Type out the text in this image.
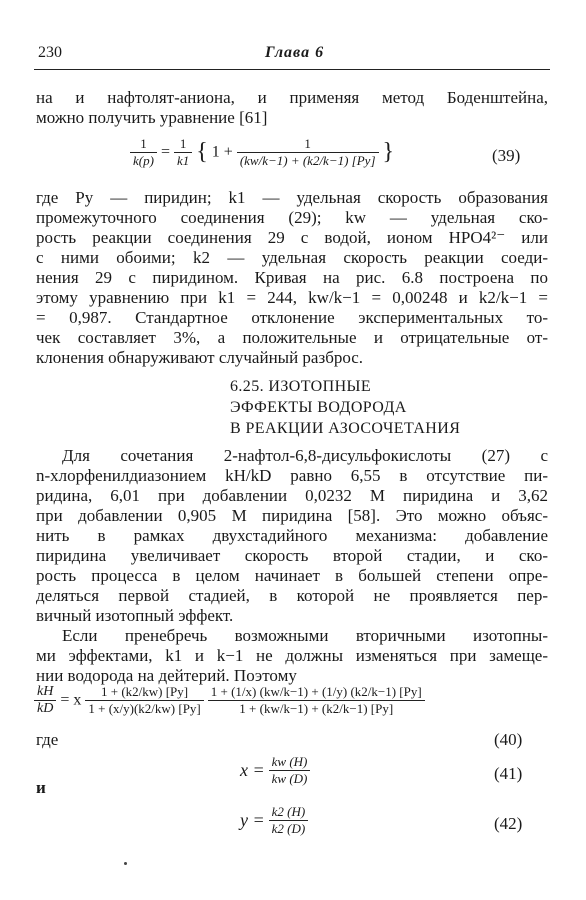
230	Глава 6
на и нафтолят-аниона, и применяя метод Боденштейна,
можно получить уравнение [61]
$\frac{1}{k(p)} = \frac{1}{k1}$ { $1 + \frac{1}{(kw/k-1) + (k2/k-1) [Py]}$ }	(39)
где Py — пиридин; k1 — удельная скорость образования
промежуточного соединения (29); kw — удельная ско-
рость реакции соединения 29 с водой, ионом HPO4²⁻ или
с ними обоими; k2 — удельная скорость реакции соеди-
нения 29 с пиридином. Кривая на рис. 6.8 построена по
этому уравнению при k1 = 244, kw/k−1 = 0,00248 и k2/k−1 =
= 0,987. Стандартное отклонение экспериментальных то-
чек составляет 3%, а положительные и отрицательные от-
клонения обнаруживают случайный разброс.
6.25. ИЗОТОПНЫЕ
ЭФФЕКТЫ ВОДОРОДА
В РЕАКЦИИ АЗОСОЧЕТАНИЯ
Для сочетания 2-нафтол-6,8-дисульфокислоты (27) с
n-хлорфенилдиазонием kH/kD равно 6,55 в отсутствие пи-
ридина, 6,01 при добавлении 0,0232 М пиридина и 3,62
при добавлении 0,905 М пиридина [58]. Это можно объяс-
нить в рамках двухстадийного механизма: добавление
пиридина увеличивает скорость второй стадии, и ско-
рость процесса в целом начинает в большей степени опре-
деляться первой стадией, в которой не проявляется пер-
вичный изотопный эффект.
Если пренебречь возможными вторичными изотопны-
ми эффектами, k1 и k−1 не должны изменяться при замеще-
нии водорода на дейтерий. Поэтому
$\frac{kH}{kD} = x \frac{1 + (k2/kw) [Py]}{1 + (x/y)(k2/kw) [Py]}$
$\frac{1 + (1/x) (kw/k-1) + (1/y) (k2/k-1) [Py]}{1 + (kw/k-1) + (k2/k-1) [Py]}$
где	(40)
$x = \frac{kw (H)}{kw (D)}$	(41)
и
$y = \frac{k2 (H)}{k2 (D)}$	(42)
